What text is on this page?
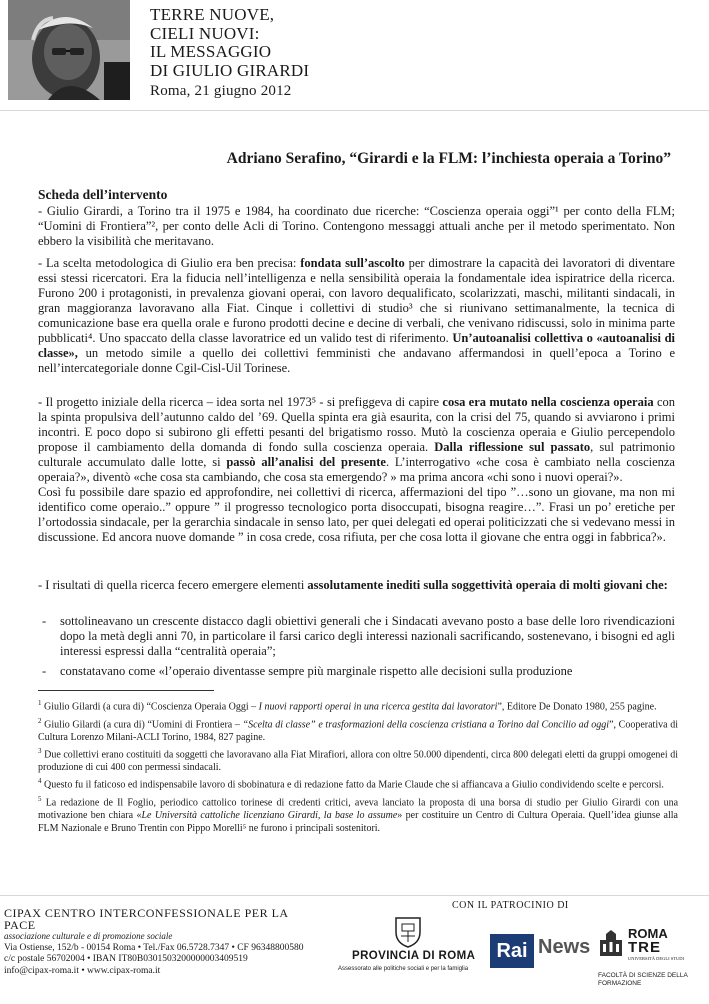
TERRE NUOVE,
CIELI NUOVI:
IL MESSAGGIO
DI GIULIO GIRARDI
Roma, 21 giugno 2012
Adriano Serafino, “Girardi e la FLM: l’inchiesta operaia a Torino”
Scheda dell’intervento

- Giulio Girardi, a Torino tra il 1975 e 1984, ha coordinato due ricerche: “Coscienza operaia oggi”¹ per conto della FLM; “Uomini di Frontiera”², per conto delle Acli di Torino. Contengono messaggi attuali anche per il metodo sperimentato. Non ebbero la visibilità che meritavano.

- La scelta metodologica di Giulio era ben precisa: fondata sull’ascolto per dimostrare la capacità dei lavoratori di diventare essi stessi ricercatori. Era la fiducia nell’intelligenza e nella sensibilità operaia la fondamentale idea ispiratrice della ricerca. Furono 200 i protagonisti, in prevalenza giovani operai, con lavoro dequalificato, scolarizzati, maschi, militanti sindacali, in gran maggioranza lavoravano alla Fiat. Cinque i collettivi di studio³ che si riunivano settimanalmente, la tecnica di comunicazione base era quella orale e furono prodotti decine e decine di verbali, che venivano ridiscussi, solo in minima parte pubblicati⁴. Uno spaccato della classe lavoratrice ed un valido test di riferimento. Un’autoanalisi collettiva o «autoanalisi di classe», un metodo simile a quello dei collettivi femministi che andavano affermandosi in quell’epoca a Torino e nell’intercategoriale donne Cgil-Cisl-Uil Torinese.

- Il progetto iniziale della ricerca – idea sorta nel 1973⁵ - si prefiggeva di capire cosa era mutato nella coscienza operaia con la spinta propulsiva dell’autunno caldo del ’69. Quella spinta era già esaurita, con la crisi del 75, quando si avviarono i primi incontri. E poco dopo si subirono gli effetti pesanti del brigatismo rosso. Mutò la coscienza operaia e Giulio percependolo propose il cambiamento della domanda di fondo sulla coscienza operaia. Dalla riflessione sul passato, sul patrimonio culturale accumulato dalle lotte, si passò all’analisi del presente. L’interrogativo «che cosa è cambiato nella coscienza operaia?», diventò «che cosa sta cambiando, che cosa sta emergendo? » ma prima ancora «chi sono i nuovi operai?».

Così fu possibile dare spazio ed approfondire, nei collettivi di ricerca, affermazioni del tipo ”…sono un giovane, ma non mi identifico come operaio..” oppure ” il progresso tecnologico porta disoccupati, bisogna reagire…”. Frasi un po’ eretiche per l’ortodossia sindacale, per la gerarchia sindacale in senso lato, per quei delegati ed operai politicizzati che si vedevano messi in discussione. Ed ancora nuove domande ” in cosa crede, cosa rifiuta, per che cosa lotta il giovane che entra oggi in fabbrica?».

- I risultati di quella ricerca fecero emergere elementi assolutamente inediti sulla soggettività operaia di molti giovani che:

- sottolineavano un crescente distacco dagli obiettivi generali che i Sindacati avevano posto a base delle loro rivendicazioni dopo la metà degli anni 70, in particolare il farsi carico degli interessi nazionali sacrificando, sostenevano, i bisogni ed agli interessi espressi dalla “centralità operaia”;
- constatavano come «l’operaio diventasse sempre più marginale rispetto alle decisioni sulla produzione

$^1$ Giulio Gilardi (a cura di) “Coscienza Operaia Oggi – I nuovi rapporti operai in una ricerca gestita dai lavoratori”, Editore De Donato 1980, 255 pagine.

$^2$ Giulio Gilardi (a cura di) “Uomini di Frontiera – “Scelta di classe” e trasformazioni della coscienza cristiana a Torino dal Concilio ad oggi”, Cooperativa di Cultura Lorenzo Milani-ACLI Torino, 1984, 827 pagine.

$^3$ Due collettivi erano costituiti da soggetti che lavoravano alla Fiat Mirafiori, allora con oltre 50.000 dipendenti, circa 800 delegati eletti da gruppi omogenei di produzione di cui 400 con permessi sindacali.

$^4$ Questo fu il faticoso ed indispensabile lavoro di sbobinatura e di redazione fatto da Marie Claude che si affiancava a Giulio condividendo scelte e percorsi.

$^5$ La redazione de Il Foglio, periodico cattolico torinese di credenti critici, aveva lanciato la proposta di una borsa di studio per Giulio Girardi con una motivazione ben chiara «Le Università cattoliche licenziano Girardi, la base lo assume» per costituire un Centro di Cultura Operaia. Quell’idea giunse alla FLM Nazionale e Bruno Trentin con Pippo Morelli⁵ ne furono i principali sostenitori.

CIPAX CENTRO INTERCONFESSIONALE PER LA PACE
associazione culturale e di promozione sociale
Via Ostiense, 152/b - 00154 Roma • Tel./Fax 06.5728.7347 • CF 96348800580
c/c postale 56702004 • IBAN IT80B0301503200000003409519
info@cipax-roma.it • www.cipax-roma.it
CON IL PATROCINIO DI
PROVINCIA DI ROMA
Assessorato alle politiche sociali e per la famiglia
Rai News
ROMA
TRE
UNIVERSITÀ DEGLI STUDI
FACOLTÀ DI SCIENZE DELLA FORMAZIONE
